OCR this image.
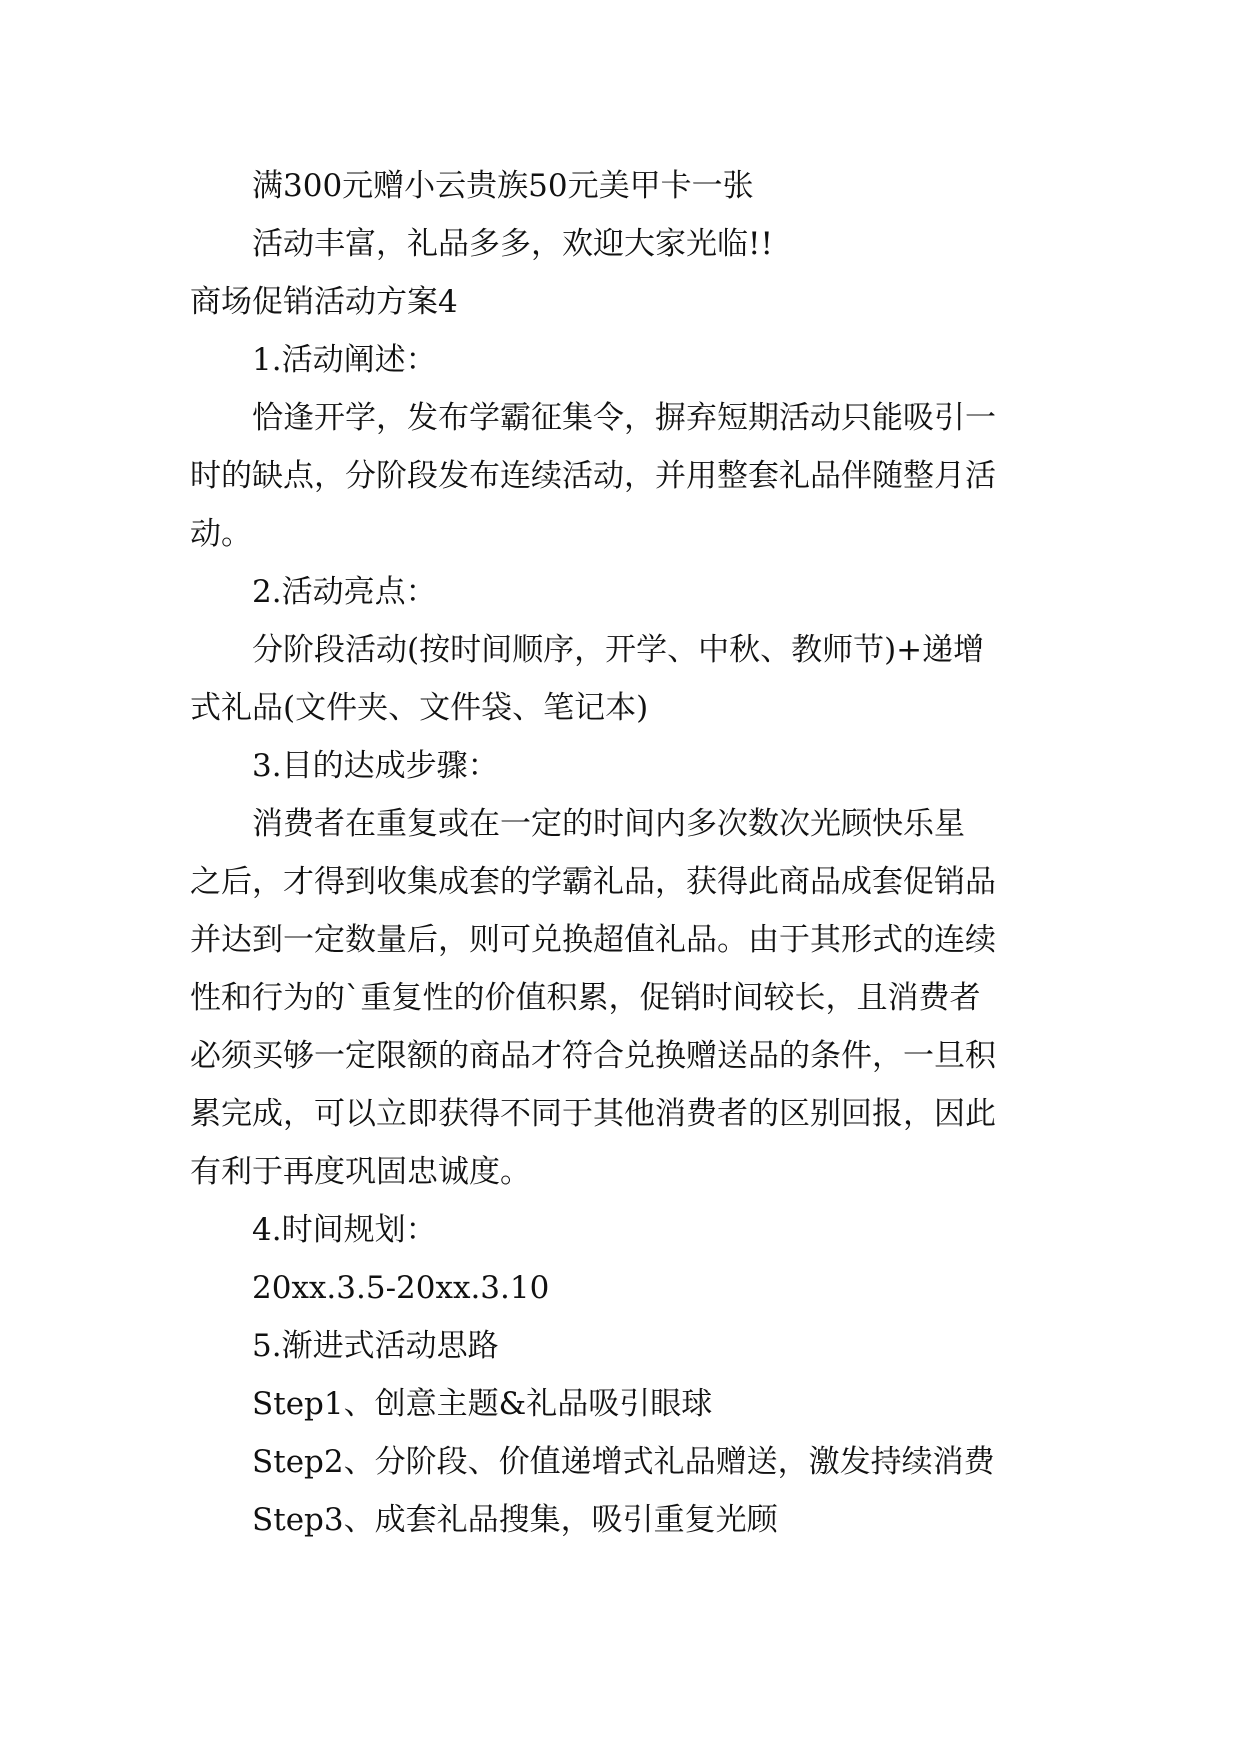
满300元赠小云贵族50元美甲卡一张
活动丰富，礼品多多，欢迎大家光临!!
商场促销活动方案4
1.活动阐述：
恰逢开学，发布学霸征集令，摒弃短期活动只能吸引一
时的缺点，分阶段发布连续活动，并用整套礼品伴随整月活
动。
2.活动亮点：
分阶段活动(按时间顺序，开学、中秋、教师节)+递增
式礼品(文件夹、文件袋、笔记本)
3.目的达成步骤：
消费者在重复或在一定的时间内多次数次光顾快乐星
之后，才得到收集成套的学霸礼品，获得此商品成套促销品
并达到一定数量后，则可兑换超值礼品。由于其形式的连续
性和行为的`重复性的价值积累，促销时间较长，且消费者
必须买够一定限额的商品才符合兑换赠送品的条件，一旦积
累完成，可以立即获得不同于其他消费者的区别回报，因此
有利于再度巩固忠诚度。
4.时间规划：
20xx.3.5-20xx.3.10
5.渐进式活动思路
Step1、创意主题&礼品吸引眼球
Step2、分阶段、价值递增式礼品赠送，激发持续消费
Step3、成套礼品搜集，吸引重复光顾
